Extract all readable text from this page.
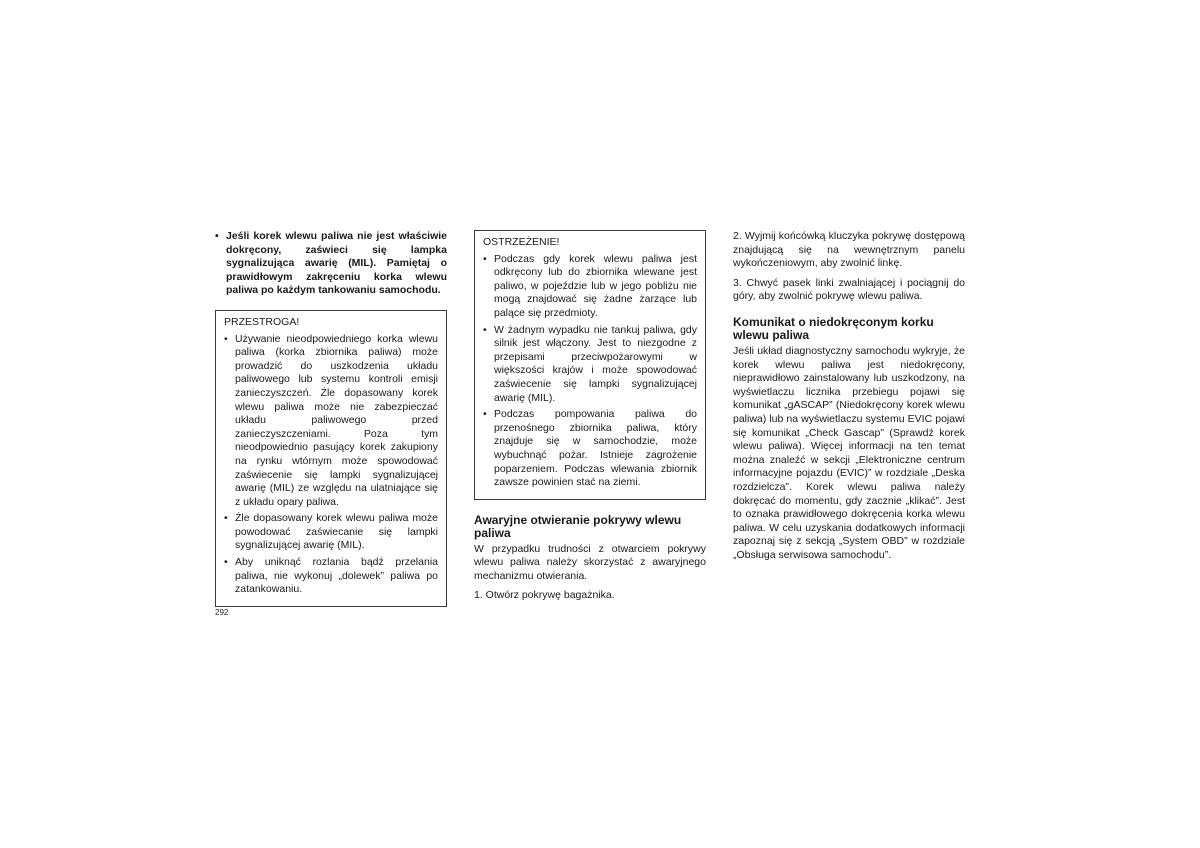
• Jeśli korek wlewu paliwa nie jest właściwie dokręcony, zaświeci się lampka sygnalizująca awarię (MIL). Pamiętaj o prawidłowym zakręceniu korka wlewu paliwa po każdym tankowaniu samochodu.
PRZESTROGA!
• Używanie nieodpowiedniego korka wlewu paliwa (korka zbiornika paliwa) może prowadzić do uszkodzenia układu paliwowego lub systemu kontroli emisji zanieczyszczeń. Źle dopasowany korek wlewu paliwa może nie zabezpieczać układu paliwowego przed zanieczyszczeniami. Poza tym nieodpowiednio pasujący korek zakupiony na rynku wtórnym może spowodować zaświecenie się lampki sygnalizującej awarię (MIL) ze względu na ulatniające się z układu opary paliwa.
• Źle dopasowany korek wlewu paliwa może powodować zaświecanie się lampki sygnalizującej awarię (MIL).
• Aby uniknąć rozlania bądź przelania paliwa, nie wykonuj „dolewek” paliwa po zatankowaniu.
OSTRZEŻENIE!
• Podczas gdy korek wlewu paliwa jest odkręcony lub do zbiornika wlewane jest paliwo, w pojeździe lub w jego pobliżu nie mogą znajdować się żadne żarzące lub palące się przedmioty.
• W żadnym wypadku nie tankuj paliwa, gdy silnik jest włączony. Jest to niezgodne z przepisami przeciwpożarowymi w większości krajów i może spowodować zaświecenie się lampki sygnalizującej awarię (MIL).
• Podczas pompowania paliwa do przenośnego zbiornika paliwa, który znajduje się w samochodzie, może wybuchnąć pożar. Istnieje zagrożenie poparzeniem. Podczas wlewania zbiornik zawsze powinien stać na ziemi.
Awaryjne otwieranie pokrywy wlewu paliwa

W przypadku trudności z otwarciem pokrywy wlewu paliwa należy skorzystać z awaryjnego mechanizmu otwierania.

1. Otwórz pokrywę bagażnika.

2. Wyjmij końcówką kluczyka pokrywę dostępową znajdującą się na wewnętrznym panelu wykończeniowym, aby zwolnić linkę.

3. Chwyć pasek linki zwalniającej i pociągnij do góry, aby zwolnić pokrywę wlewu paliwa.

Komunikat o niedokręconym korku wlewu paliwa

Jeśli układ diagnostyczny samochodu wykryje, że korek wlewu paliwa jest niedokręcony, nieprawidłowo zainstalowany lub uszkodzony, na wyświetlaczu licznika przebiegu pojawi się komunikat „gASCAP” (Niedokręcony korek wlewu paliwa) lub na wyświetlaczu systemu EVIC pojawi się komunikat „Check Gascap” (Sprawdź korek wlewu paliwa). Więcej informacji na ten temat można znaleźć w sekcji „Elektroniczne centrum informacyjne pojazdu (EVIC)” w rozdziale „Deska rozdzielcza”. Korek wlewu paliwa należy dokręcać do momentu, gdy zacznie „klikać”. Jest to oznaka prawidłowego dokręcenia korka wlewu paliwa. W celu uzyskania dodatkowych informacji zapoznaj się z sekcją „System OBD” w rozdziale „Obsługa serwisowa samochodu”.

292
